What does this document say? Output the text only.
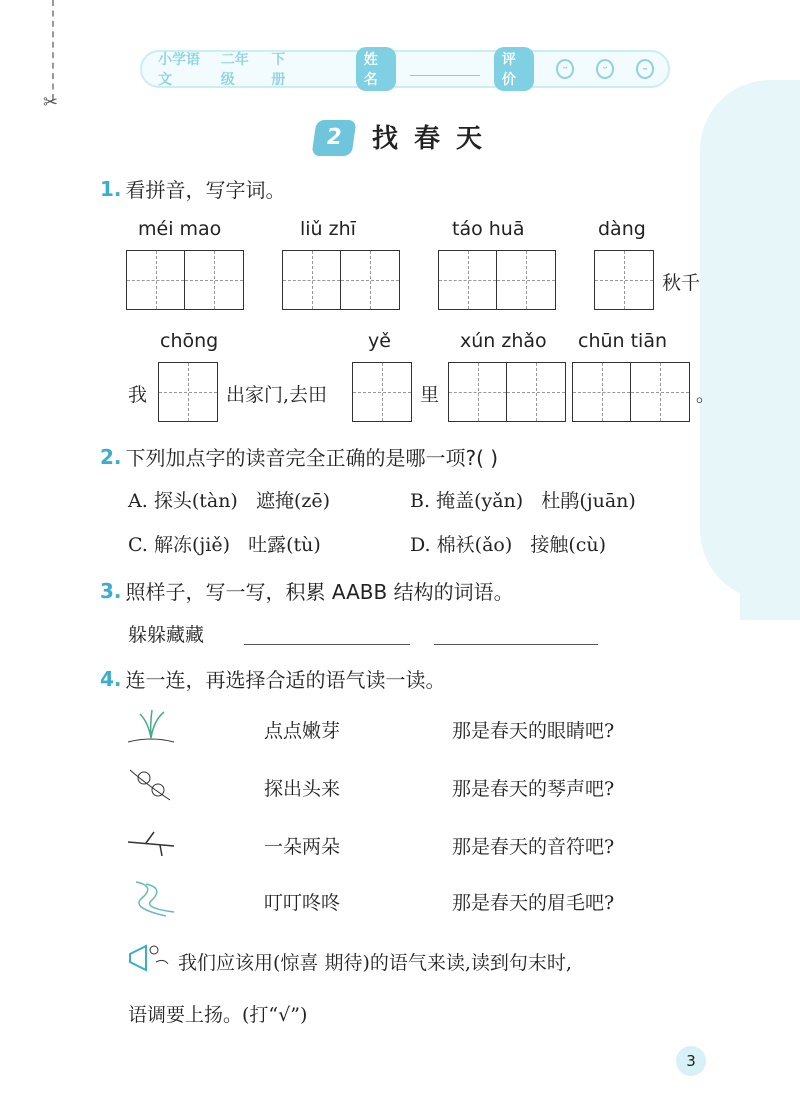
✂
小学语文
二年级
下册
姓名
评价
ᵕ	ᵕ	–
2	找春天
1. 看拼音，写字词。
méi mao	liǔ zhī	táo huā	dàng
秋千
chōng	yě	xún zhǎo chūn tiān
我	出家门,去田	里	。
2. 下列加点字的读音完全正确的是哪一项?( )
A. 探头(tàn) 遮掩(zē)	B. 掩盖(yǎn) 杜鹃(juān)
C. 解冻(jiě) 吐露(tù)	D. 棉袄(ǎo) 接触(cù)
3. 照样子，写一写，积累 AABB 结构的词语。
躲躲藏藏
4. 连一连，再选择合适的语气读一读。
点点嫩芽
探出头来
一朵两朵
叮叮咚咚
那是春天的眼睛吧?
那是春天的琴声吧?
那是春天的音符吧?
那是春天的眉毛吧?
我们应该用(惊喜 期待)的语气来读,读到句末时,
语调要上扬。(打“√”)
3
